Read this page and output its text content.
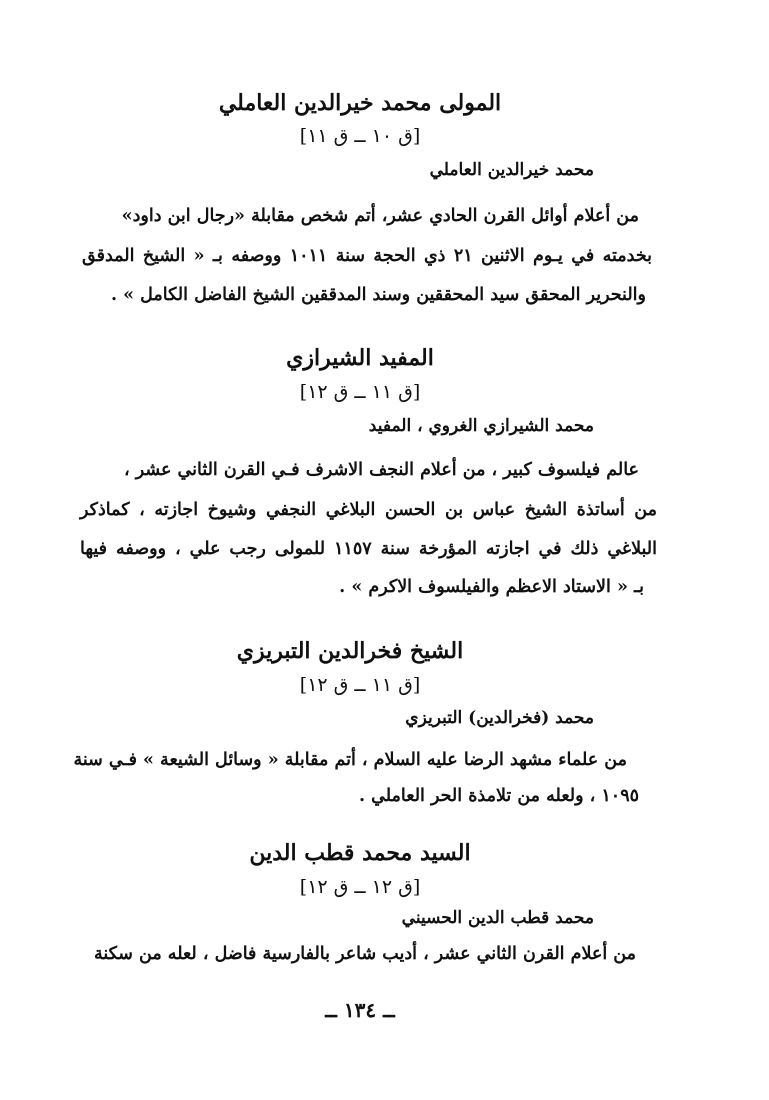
المولى محمد خيرالدين العاملي
[ق ١٠ ــ ق ١١]
محمد خيرالدين العاملي
من أعلام أوائل القرن الحادي عشر، أتم شخص مقابلة «رجال ابن داود»
بخدمته في يـوم الاثنين ٢١ ذي الحجة سنة ١٠١١ ووصفه بـ « الشيخ المدقق
والنحرير المحقق سيد المحققين وسند المدققين الشيخ الفاضل الكامل » .
المفيد الشيرازي
[ق ١١ ــ ق ١٢]
محمد الشيرازي الغروي ، المفيد
عالم فيلسوف كبير ، من أعلام النجف الاشرف فـي القرن الثاني عشر ،
من أساتذة الشيخ عباس بن الحسن البلاغي النجفي وشيوخ اجازته ، كماذكر
البلاغي ذلك في اجازته المؤرخة سنة ١١٥٧ للمولى رجب علي ، ووصفه فيها
بـ « الاستاد الاعظم والفيلسوف الاكرم » .
الشيخ فخرالدين التبريزي
[ق ١١ ــ ق ١٢]
محمد (فخرالدين) التبريزي
من علماء مشهد الرضا عليه السلام ، أتم مقابلة « وسائل الشيعة » فـي سنة
١٠٩٥ ، ولعله من تلامذة الحر العاملي .
السيد محمد قطب الدين
[ق ١٢ ــ ق ١٢]
محمد قطب الدين الحسيني
من أعلام القرن الثاني عشر ، أديب شاعر بالفارسية فاضل ، لعله من سكنة
ــ ١٣٤ ــ
